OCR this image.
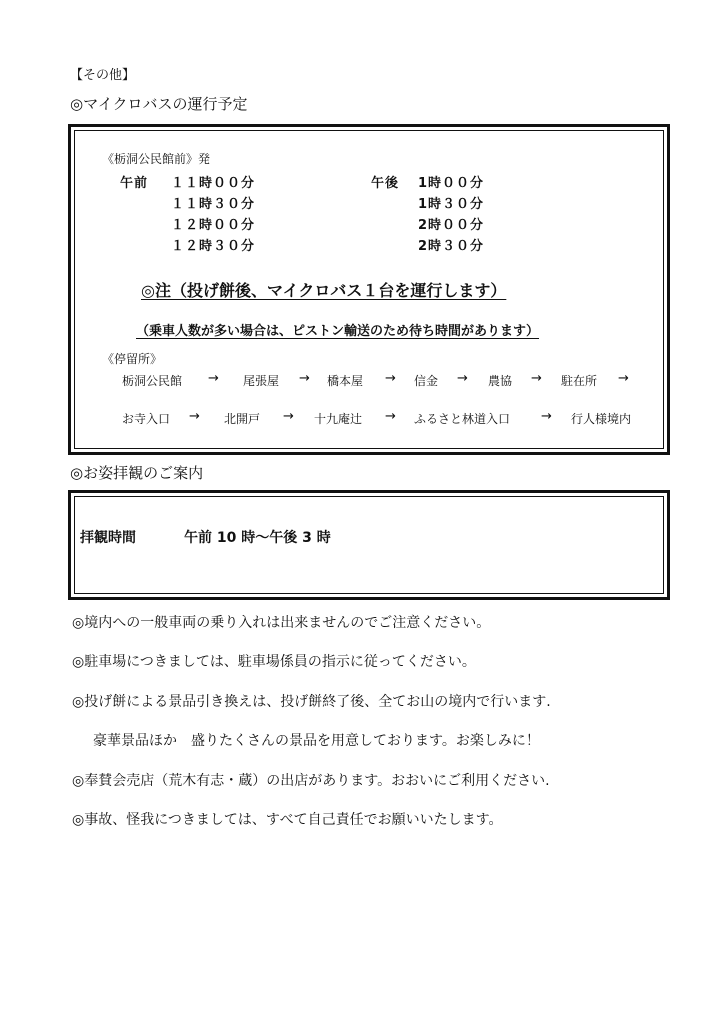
【その他】
◎マイクロバスの運行予定
《栃洞公民館前》発
午前 １１時００分
１１時３０分
１２時００分
１２時３０分
午後 1時００分
1時３０分
2時００分
2時３０分
◎注（投げ餅後、マイクロバス１台を運行します）
（乗車人数が多い場合は、ピストン輸送のため待ち時間があります）
《停留所》
栃洞公民館 → 尾張屋 → 橋本屋 → 信金 → 農協 → 駐在所 →
お寺入口 → 北開戸 → 十九庵辻 → ふるさと林道入口 → 行人様境内
◎お姿拝観のご案内
拝観時間	午前 10 時～午後 3 時
◎境内への一般車両の乗り入れは出来ませんのでご注意ください。
◎駐車場につきましては、駐車場係員の指示に従ってください。
◎投げ餅による景品引き換えは、投げ餅終了後、全てお山の境内で行います.
豪華景品ほか　盛りたくさんの景品を用意しております。お楽しみに！
◎奉賛会売店（荒木有志・蔵）の出店があります。おおいにご利用ください.
◎事故、怪我につきましては、すべて自己責任でお願いいたします。
